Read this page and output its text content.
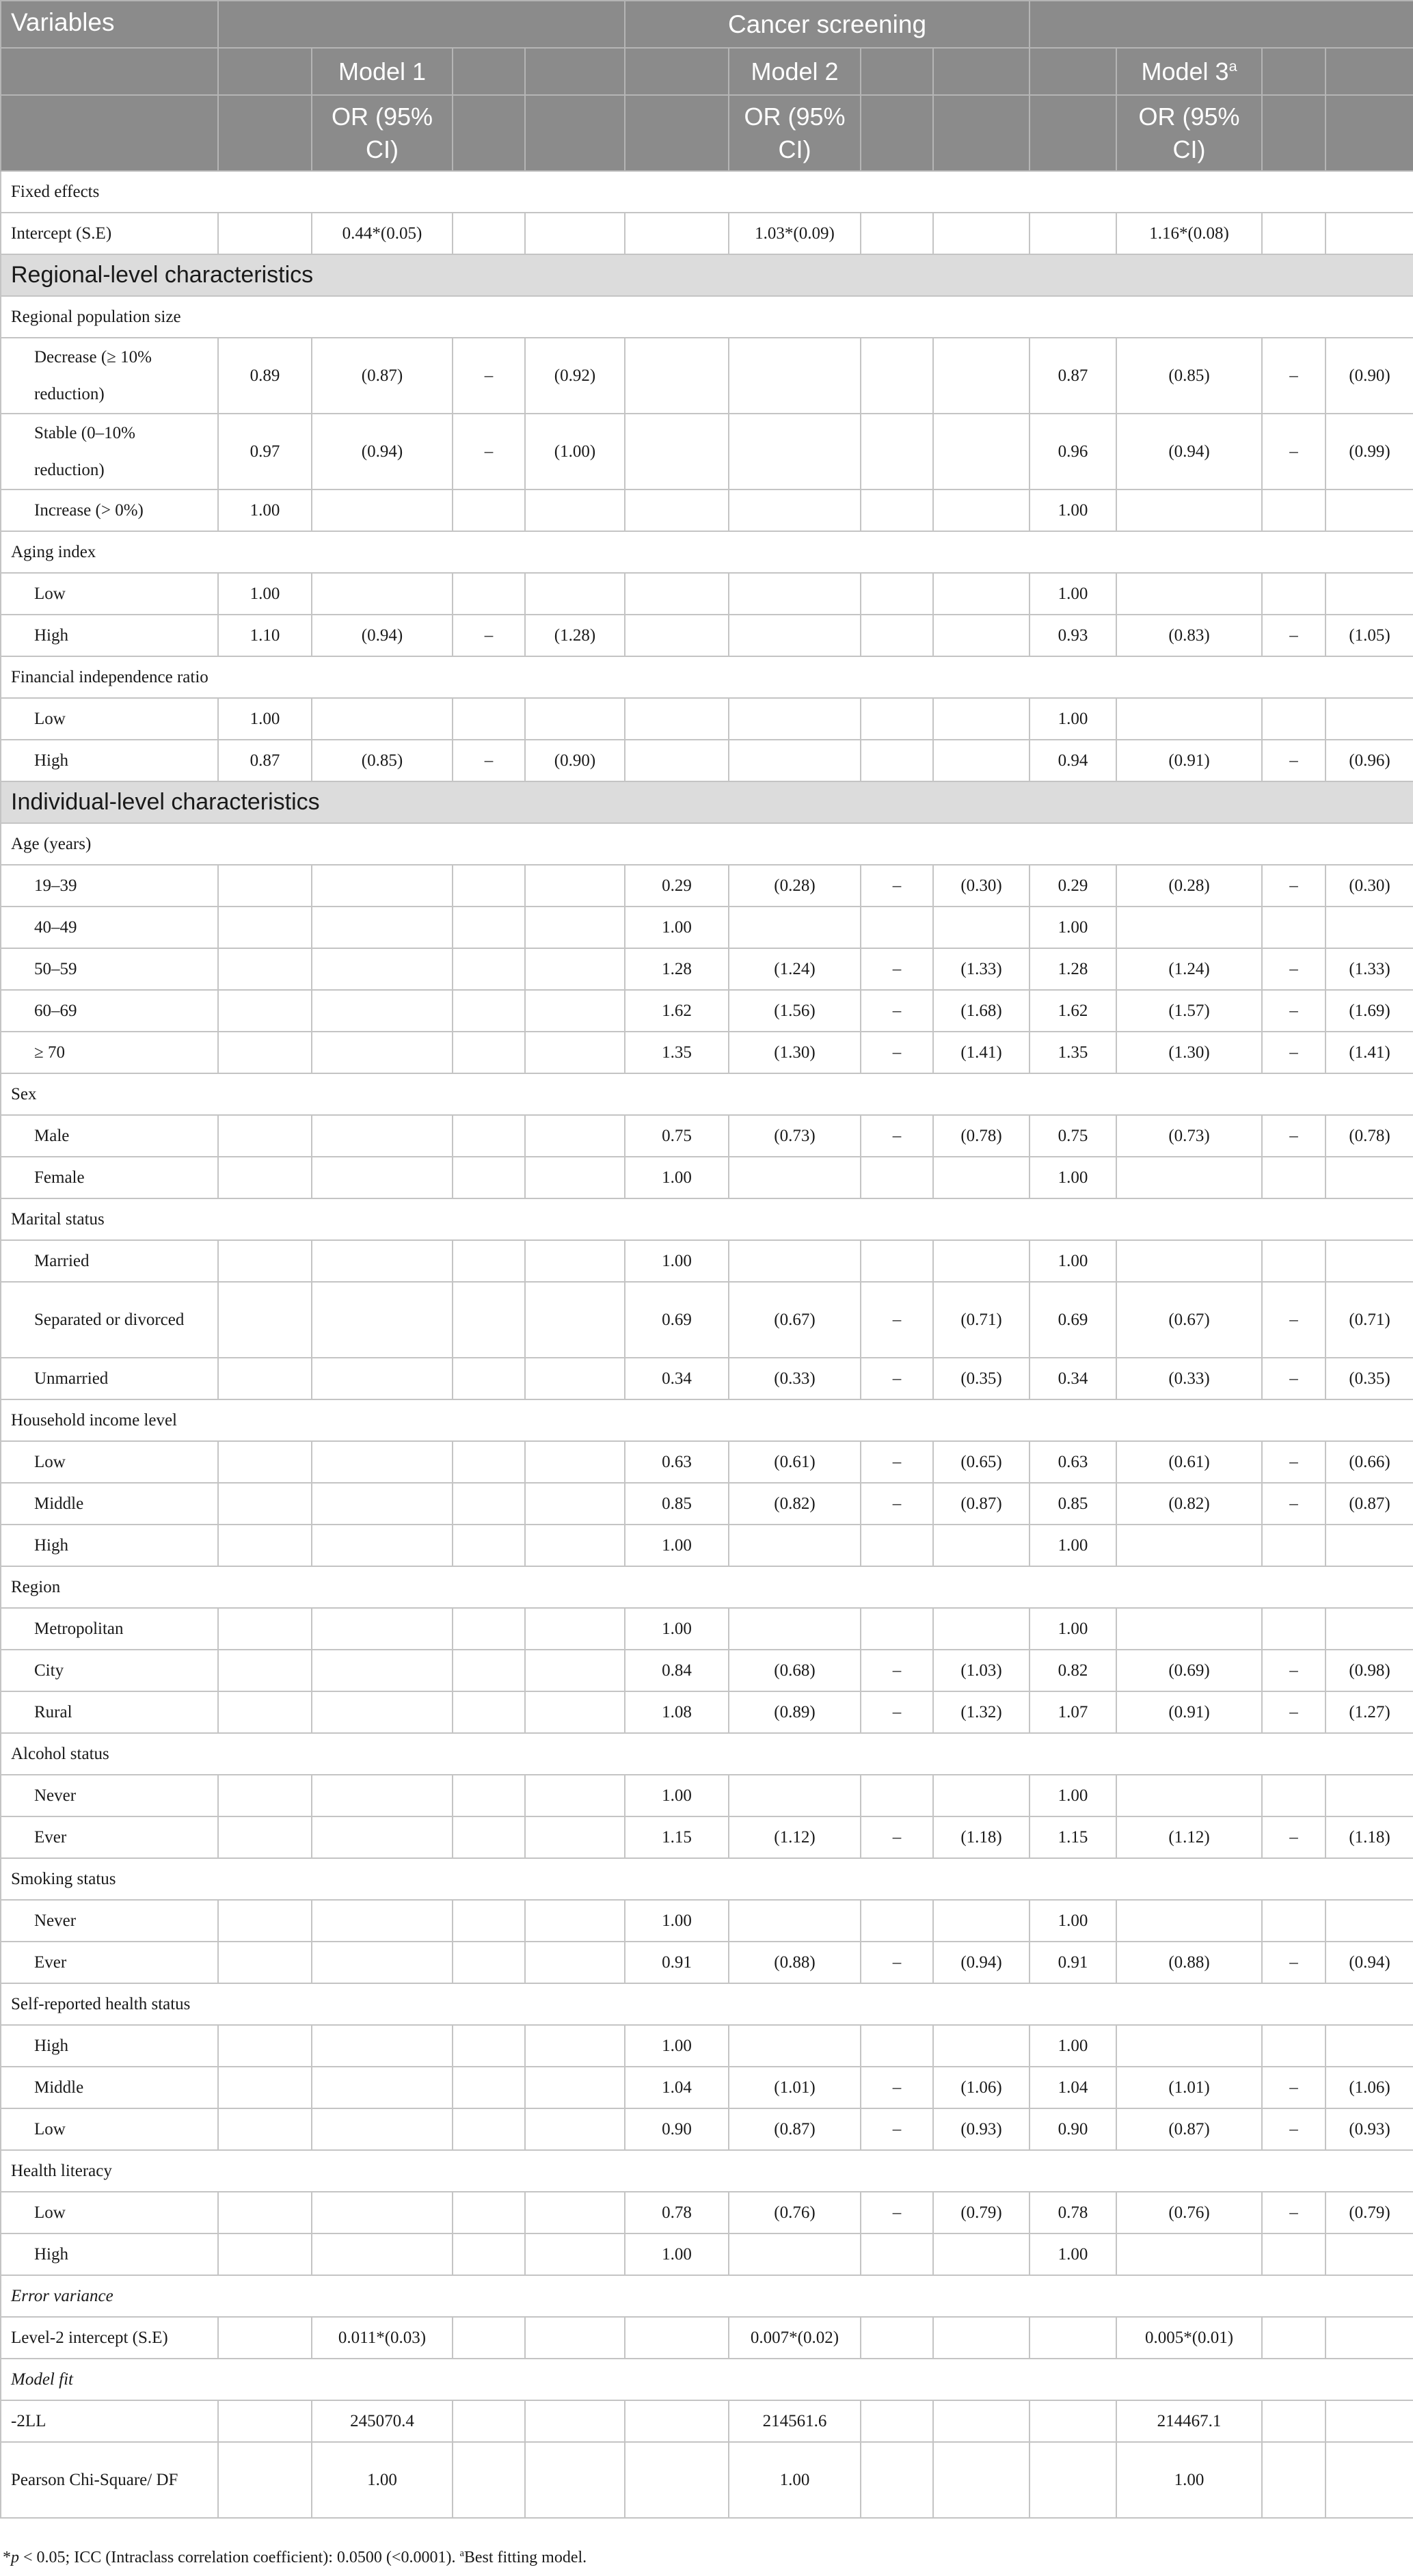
Variables					Cancer screening							
		Model 1				Model 2				Model 3$^a$		
		OR (95% CI)				OR (95% CI)				OR (95% CI)		
Fixed effects												
Intercept (S.E)		0.44*(0.05)				1.03*(0.09)				1.16*(0.08)		
Regional-level characteristics												
Regional population size												
Decrease (≥ 10% reduction)	0.89	(0.87)	–	(0.92)					0.87	(0.85)	–	(0.90)
Stable (0–10% reduction)	0.97	(0.94)	–	(1.00)					0.96	(0.94)	–	(0.99)
Increase (> 0%)	1.00								1.00			
Aging index												
Low	1.00								1.00			
High	1.10	(0.94)	–	(1.28)					0.93	(0.83)	–	(1.05)
Financial independence ratio												
Low	1.00								1.00			
High	0.87	(0.85)	–	(0.90)					0.94	(0.91)	–	(0.96)
Individual-level characteristics												
Age (years)												
19–39					0.29	(0.28)	–	(0.30)	0.29	(0.28)	–	(0.30)
40–49					1.00				1.00			
50–59					1.28	(1.24)	–	(1.33)	1.28	(1.24)	–	(1.33)
60–69					1.62	(1.56)	–	(1.68)	1.62	(1.57)	–	(1.69)
≥ 70					1.35	(1.30)	–	(1.41)	1.35	(1.30)	–	(1.41)
Sex												
Male					0.75	(0.73)	–	(0.78)	0.75	(0.73)	–	(0.78)
Female					1.00				1.00			
Marital status												
Married					1.00				1.00			
Separated or divorced					0.69	(0.67)	–	(0.71)	0.69	(0.67)	–	(0.71)
Unmarried					0.34	(0.33)	–	(0.35)	0.34	(0.33)	–	(0.35)
Household income level												
Low					0.63	(0.61)	–	(0.65)	0.63	(0.61)	–	(0.66)
Middle					0.85	(0.82)	–	(0.87)	0.85	(0.82)	–	(0.87)
High					1.00				1.00			
Region												
Metropolitan					1.00				1.00			
City					0.84	(0.68)	–	(1.03)	0.82	(0.69)	–	(0.98)
Rural					1.08	(0.89)	–	(1.32)	1.07	(0.91)	–	(1.27)
Alcohol status												
Never					1.00				1.00			
Ever					1.15	(1.12)	–	(1.18)	1.15	(1.12)	–	(1.18)
Smoking status												
Never					1.00				1.00			
Ever					0.91	(0.88)	–	(0.94)	0.91	(0.88)	–	(0.94)
Self-reported health status												
High					1.00				1.00			
Middle					1.04	(1.01)	–	(1.06)	1.04	(1.01)	–	(1.06)
Low					0.90	(0.87)	–	(0.93)	0.90	(0.87)	–	(0.93)
Health literacy												
Low					0.78	(0.76)	–	(0.79)	0.78	(0.76)	–	(0.79)
High					1.00				1.00			
Error variance												
Level-2 intercept (S.E)		0.011*(0.03)				0.007*(0.02)				0.005*(0.01)		
Model fit												
-2LL		245070.4				214561.6				214467.1		
Pearson Chi-Square/ DF		1.00				1.00				1.00		
*p < 0.05; ICC (Intraclass correlation coefficient): 0.0500 (<0.0001). $^a$Best fitting model.
